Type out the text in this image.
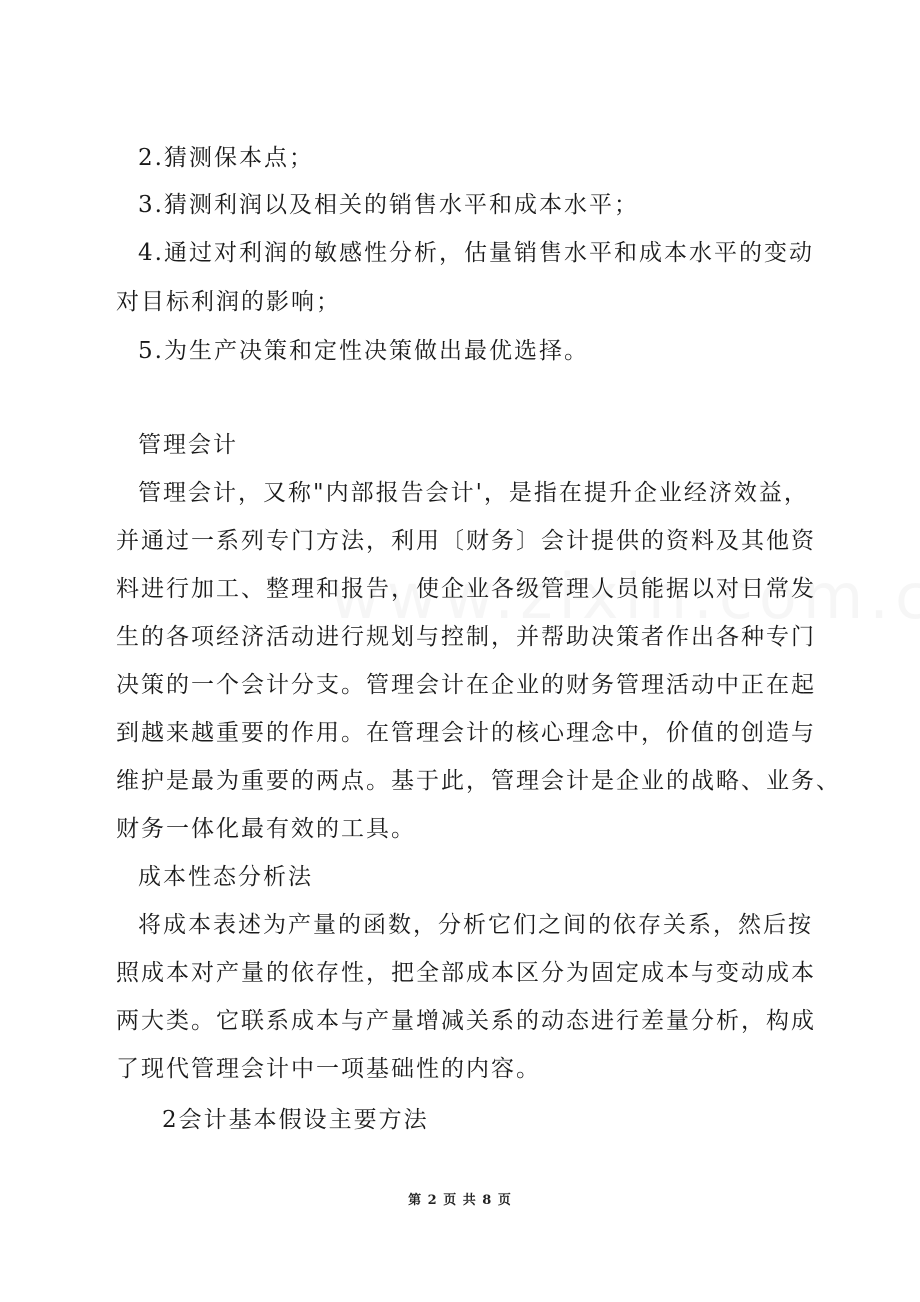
2.猜测保本点；
3.猜测利润以及相关的销售水平和成本水平；
4.通过对利润的敏感性分析，估量销售水平和成本水平的变动
对目标利润的影响；
5.为生产决策和定性决策做出最优选择。
管理会计
管理会计，又称"内部报告会计'，是指在提升企业经济效益，
并通过一系列专门方法，利用〔财务〕会计提供的资料及其他资
料进行加工、整理和报告，使企业各级管理人员能据以对日常发
生的各项经济活动进行规划与控制，并帮助决策者作出各种专门
决策的一个会计分支。管理会计在企业的财务管理活动中正在起
到越来越重要的作用。在管理会计的核心理念中，价值的创造与
维护是最为重要的两点。基于此，管理会计是企业的战略、业务、
财务一体化最有效的工具。
成本性态分析法
将成本表述为产量的函数，分析它们之间的依存关系，然后按
照成本对产量的依存性，把全部成本区分为固定成本与变动成本
两大类。它联系成本与产量增减关系的动态进行差量分析，构成
了现代管理会计中一项基础性的内容。
2会计基本假设主要方法
第 2 页 共 8 页
